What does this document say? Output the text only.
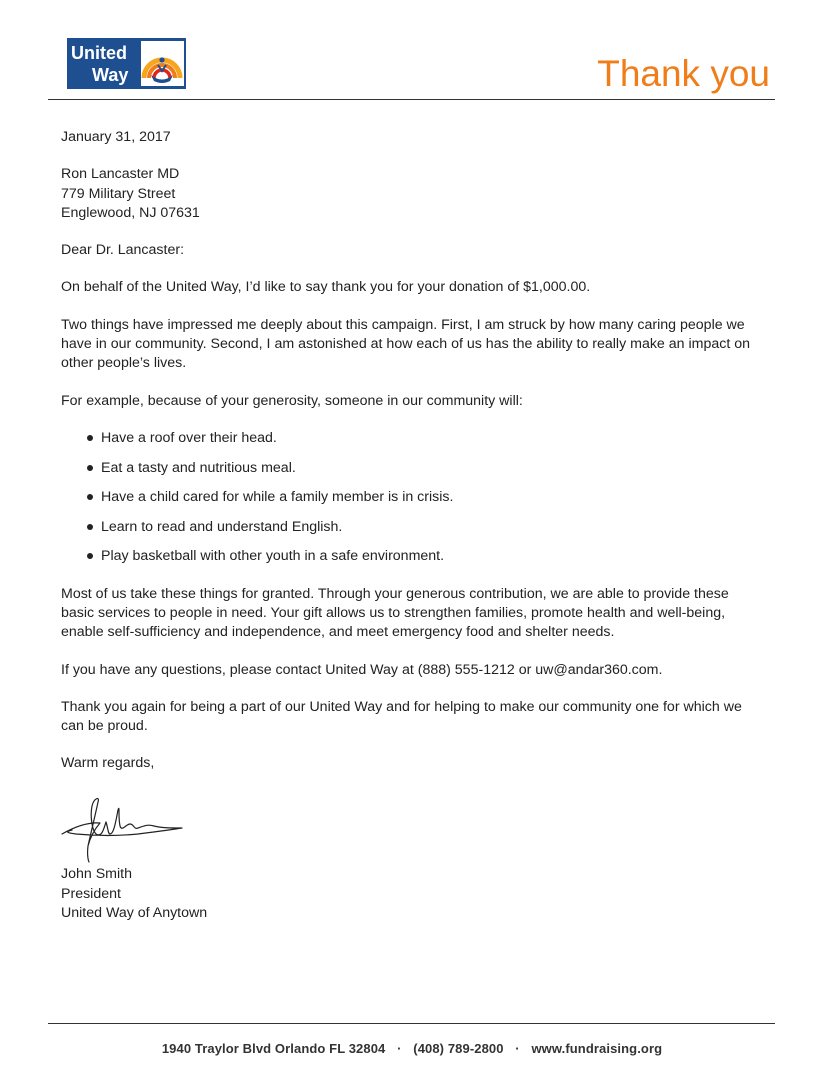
United
Way	Thank you

January 31, 2017

Ron Lancaster MD
779 Military Street
Englewood, NJ 07631

Dear Dr. Lancaster:

On behalf of the United Way, I’d like to say thank you for your donation of $1,000.00.

Two things have impressed me deeply about this campaign. First, I am struck by how many caring people we have in our community. Second, I am astonished at how each of us has the ability to really make an impact on other people’s lives.

For example, because of your generosity, someone in our community will:

Have a roof over their head.
Eat a tasty and nutritious meal.
Have a child cared for while a family member is in crisis.
Learn to read and understand English.
Play basketball with other youth in a safe environment.

Most of us take these things for granted. Through your generous contribution, we are able to provide these basic services to people in need. Your gift allows us to strengthen families, promote health and well-being, enable self-sufficiency and independence, and meet emergency food and shelter needs.

If you have any questions, please contact United Way at (888) 555-1212 or uw@andar360.com.

Thank you again for being a part of our United Way and for helping to make our community one for which we can be proud.

Warm regards,

John Smith
President
United Way of Anytown
1940 Traylor Blvd Orlando FL 32804 · (408) 789-2800 · www.fundraising.org
